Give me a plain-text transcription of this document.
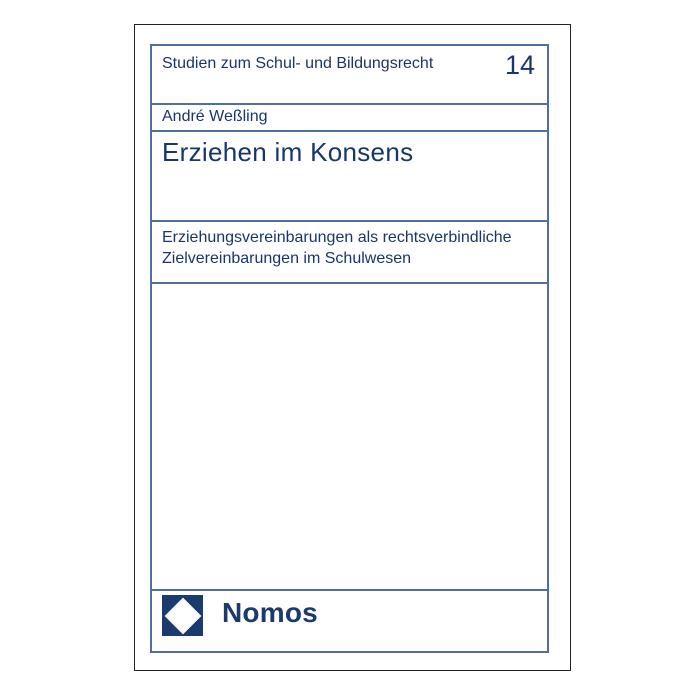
Studien zum Schul- und Bildungsrecht	14
André Weßling
Erziehen im Konsens
Erziehungsvereinbarungen als rechtsverbindliche
Zielvereinbarungen im Schulwesen
Nomos
